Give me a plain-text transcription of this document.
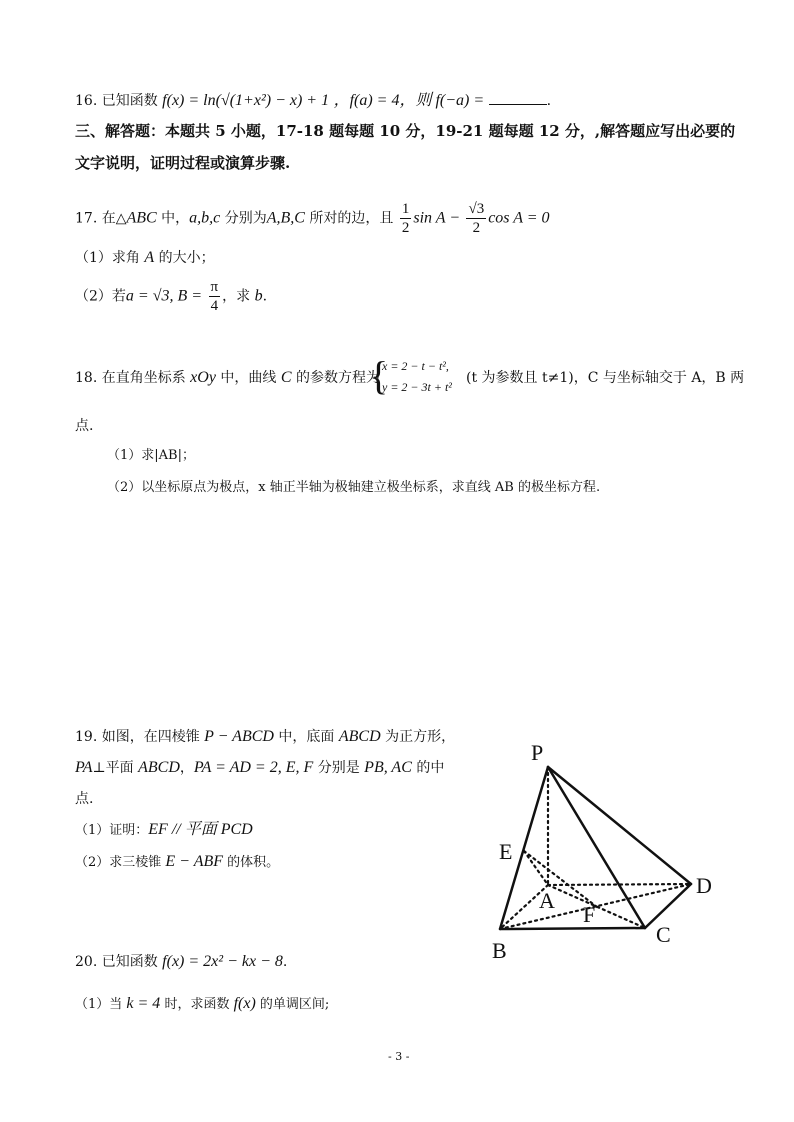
16. 已知函数 f(x) = ln(√(1+x²) − x) + 1 ，f(a) = 4，则 f(−a) =	.
三、解答题：本题共 5 小题，17-18 题每题 10 分，19-21 题每题 12 分，,解答题应写出必要的
文字说明，证明过程或演算步骤.
17. 在△ABC 中，a,b,c 分别为A,B,C 所对的边，且 $\frac{1}{2}$ $\sin A - \frac{√3}{2}$ cos A = 0
（1）求角 A 的大小；
（2）若a = √3, $B = \frac{\pi}{4}$ ，求 b.
18. 在直角坐标系 xOy 中，曲线 C 的参数方程为
{
x = 2 − t − t²,
y = 2 − 3t + t²
(t 为参数且 t≠1)，C 与坐标轴交于 A，B 两
点.
（1）求|AB|；
（2）以坐标原点为极点，x 轴正半轴为极轴建立极坐标系，求直线 AB 的极坐标方程.
19. 如图，在四棱锥 P − ABCD 中，底面 ABCD 为正方形，
PA⊥平面 ABCD，PA = AD = 2, E, F 分别是 PB, AC 的中
点.
（1）证明：EF // 平面 PCD
（2）求三棱锥 E − ABF 的体积。
P
E
A
F
D
B
C
20. 已知函数 f(x) = 2x² − kx − 8.
（1）当 k = 4 时，求函数 f(x) 的单调区间;
- 3 -
